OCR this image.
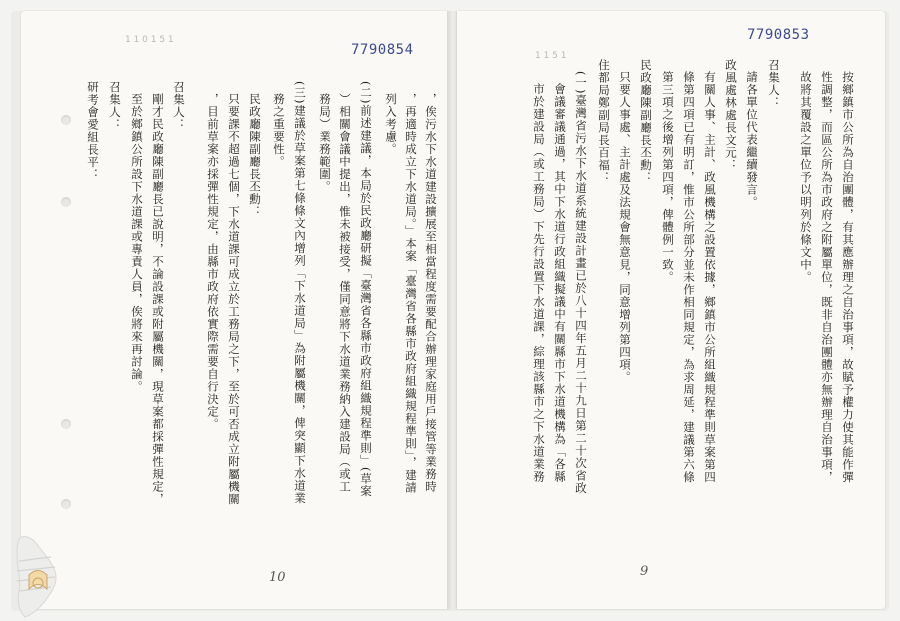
1 1 0 1 5 1
7790854
，俟污水下水道建設擴展至相當程度需要配合辦理家庭用戶接管等業務時
，再適時成立下水道局。」本案「臺灣省各縣市政府組織規程準則」，建請
列入考慮。
(二)前述建議，本局於民政廳研擬「臺灣省各縣市政府組織規程準則」(草案
）相關會議中提出，惟未被接受，僅同意將下水道業務納入建設局（或工
務局）業務範圍。
(三)建議於草案第七條條文內增列「下水道局」為附屬機關，俾突顯下水道業
務之重要性。
民政廳陳副廳長丕勳：
只要課不超過七個，下水道課可成立於工務局之下，至於可否成立附屬機關
，目前草案亦採彈性規定，由縣市政府依實際需要自行決定。
召集人：
剛才民政廳陳副廳長已說明，不論設課或附屬機關，現草案都採彈性規定，
至於鄉鎮公所設下水道課或專責人員，俟將來再討論。
召集人：
研考會愛組長平：
10
1 1 5 1
7790853
按鄉鎮市公所為自治團體，有其應辦理之自治事項，故賦予權力使其能作彈
性調整，而區公所為市政府之附屬單位，既非自治團體亦無辦理自治事項，
故將其覆設之單位予以明列於條文中。
召集人：
請各單位代表繼續發言。
政風處林處長文元：
有關人事、主計、政風機構之設置依據，鄉鎮市公所組織規程準則草案第四
條第四項已有明訂，惟市公所部分並未作相同規定，為求周延，建議第六條
第三項之後增列第四項，俾體例一致。
民政廳陳副廳長丕勳：
只要人事處、主計處及法規會無意見，同意增列第四項。
住都局鄭副局長百福：
(一)臺灣省污水下水道系統建設計畫已於八十四年五月二十九日第二十次省政
會議審議通過，其中下水道行政組織擬議中有關縣市下水道機構為「各縣
市於建設局（或工務局）下先行設置下水道課，綜理該縣市之下水道業務
9
